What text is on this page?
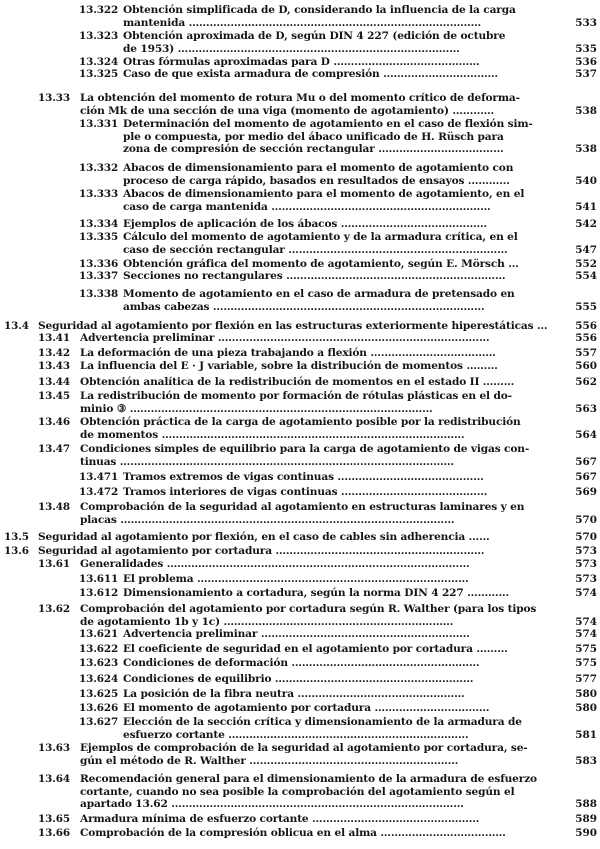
13.322 Obtención simplificada de D, considerando la influencia de la carga
mantenida …………………………………………………………………………	533
13.323 Obtención aproximada de D, según DIN 4 227 (edición de octubre
de 1953) ………………………………………………………………………	535
13.324 Otras fórmulas aproximadas para D ……………………………………	536
13.325 Caso de que exista armadura de compresión ……………………………	537
13.33 La obtención del momento de rotura Mu o del momento crítico de deforma-
ción Mk de una sección de una viga (momento de agotamiento) …………	538
13.331 Determinación del momento de agotamiento en el caso de flexión sim-
ple o compuesta, por medio del ábaco unificado de H. Rüsch para
zona de compresión de sección rectangular ………………………………	538
13.332 Abacos de dimensionamiento para el momento de agotamiento con
proceso de carga rápido, basados en resultados de ensayos …………	540
13.333 Abacos de dimensionamiento para el momento de agotamiento, en el
caso de carga mantenida ………………………………………………………	541
13.334 Ejemplos de aplicación de los ábacos ……………………………………	542
13.335 Cálculo del momento de agotamiento y de la armadura crítica, en el
caso de sección rectangular ………………………………………………………	547
13.336 Obtención gráfica del momento de agotamiento, según E. Mörsch …	552
13.337 Secciones no rectangulares ………………………………………………………	554
13.338 Momento de agotamiento en el caso de armadura de pretensado en
ambas cabezas ……………………………………………………………………	555
13.4 Seguridad al agotamiento por flexión en las estructuras exteriormente hiperestáticas …	556
13.41 Advertencia preliminar ……………………………………………………………………	556
13.42 La deformación de una pieza trabajando a flexión ………………………………	557
13.43 La influencia del E · J variable, sobre la distribución de momentos ………	560
13.44 Obtención analítica de la redistribución de momentos en el estado II ………	562
13.45 La redistribución de momento por formación de rótulas plásticas en el do-
minio ③ ……………………………………………………………………………	563
13.46 Obtención práctica de la carga de agotamiento posible por la redistribución
de momentos ……………………………………………………………………………	564
13.47 Condiciones simples de equilibrio para la carga de agotamiento de vigas con-
tinuas ……………………………………………………………………………………	567
13.471 Tramos extremos de vigas continuas ……………………………………	567
13.472 Tramos interiores de vigas continuas ……………………………………	569
13.48 Comprobación de la seguridad al agotamiento en estructuras laminares y en
placas ……………………………………………………………………………………	570
13.5 Seguridad al agotamiento por flexión, en el caso de cables sin adherencia ……	570
13.6 Seguridad al agotamiento por cortadura ……………………………………………………	573
13.61 Generalidades ……………………………………………………………………………	573
13.611 El problema ……………………………………………………………………	573
13.612 Dimensionamiento a cortadura, según la norma DIN 4 227 …………	574
13.62 Comprobación del agotamiento por cortadura según R. Walther (para los tipos
de agotamiento 1b y 1c) …………………………………………………………	574
13.621 Advertencia preliminar ……………………………………………………	574
13.622 El coeficiente de seguridad en el agotamiento por cortadura ………	575
13.623 Condiciones de deformación ………………………………………………	575
13.624 Condiciones de equilibrio …………………………………………………	577
13.625 La posición de la fibra neutra …………………………………………	580
13.626 El momento de agotamiento por cortadura ……………………………	580
13.627 Elección de la sección crítica y dimensionamiento de la armadura de
esfuerzo cortante ……………………………………………………………	581
13.63 Ejemplos de comprobación de la seguridad al agotamiento por cortadura, se-
gún el método de R. Walther ……………………………………………………	583
13.64 Recomendación general para el dimensionamiento de la armadura de esfuerzo
cortante, cuando no sea posible la comprobación del agotamiento según el
apartado 13.62 …………………………………………………………………………	588
13.65 Armadura mínima de esfuerzo cortante …………………………………………	589
13.66 Comprobación de la compresión oblicua en el alma ………………………………	590
